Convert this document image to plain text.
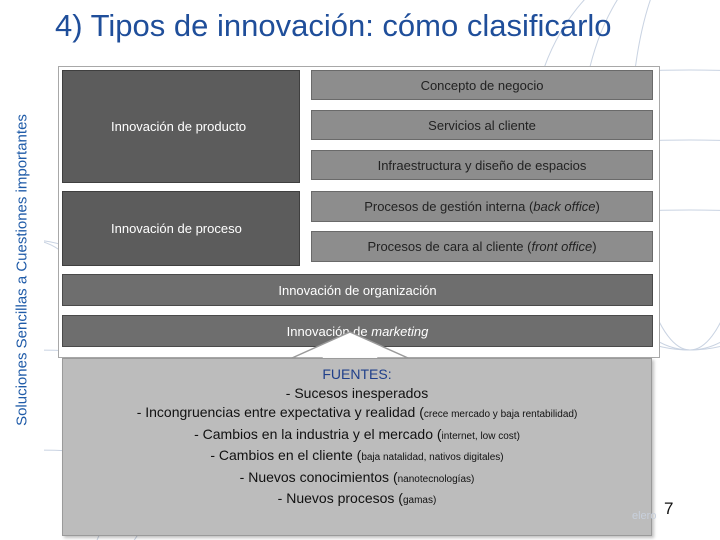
Soluciones Sencillas a Cuestiones importantes
4) Tipos de innovación: cómo clasificarlo
Innovación de producto
Innovación de proceso
Concepto de negocio
Servicios al cliente
Infraestructura y diseño de espacios
Procesos de gestión interna (back office)
Procesos de cara al cliente (front office)
Innovación de organización
Innovación de marketing
FUENTES:
- Sucesos inesperados
- Incongruencias entre expectativa y realidad (crece mercado y baja rentabilidad)
- Cambios en la industria y el mercado (internet, low cost)
- Cambios en el cliente (baja natalidad, nativos digitales)
- Nuevos conocimientos (nanotecnologías)
- Nuevos procesos (gamas)
elero 7
